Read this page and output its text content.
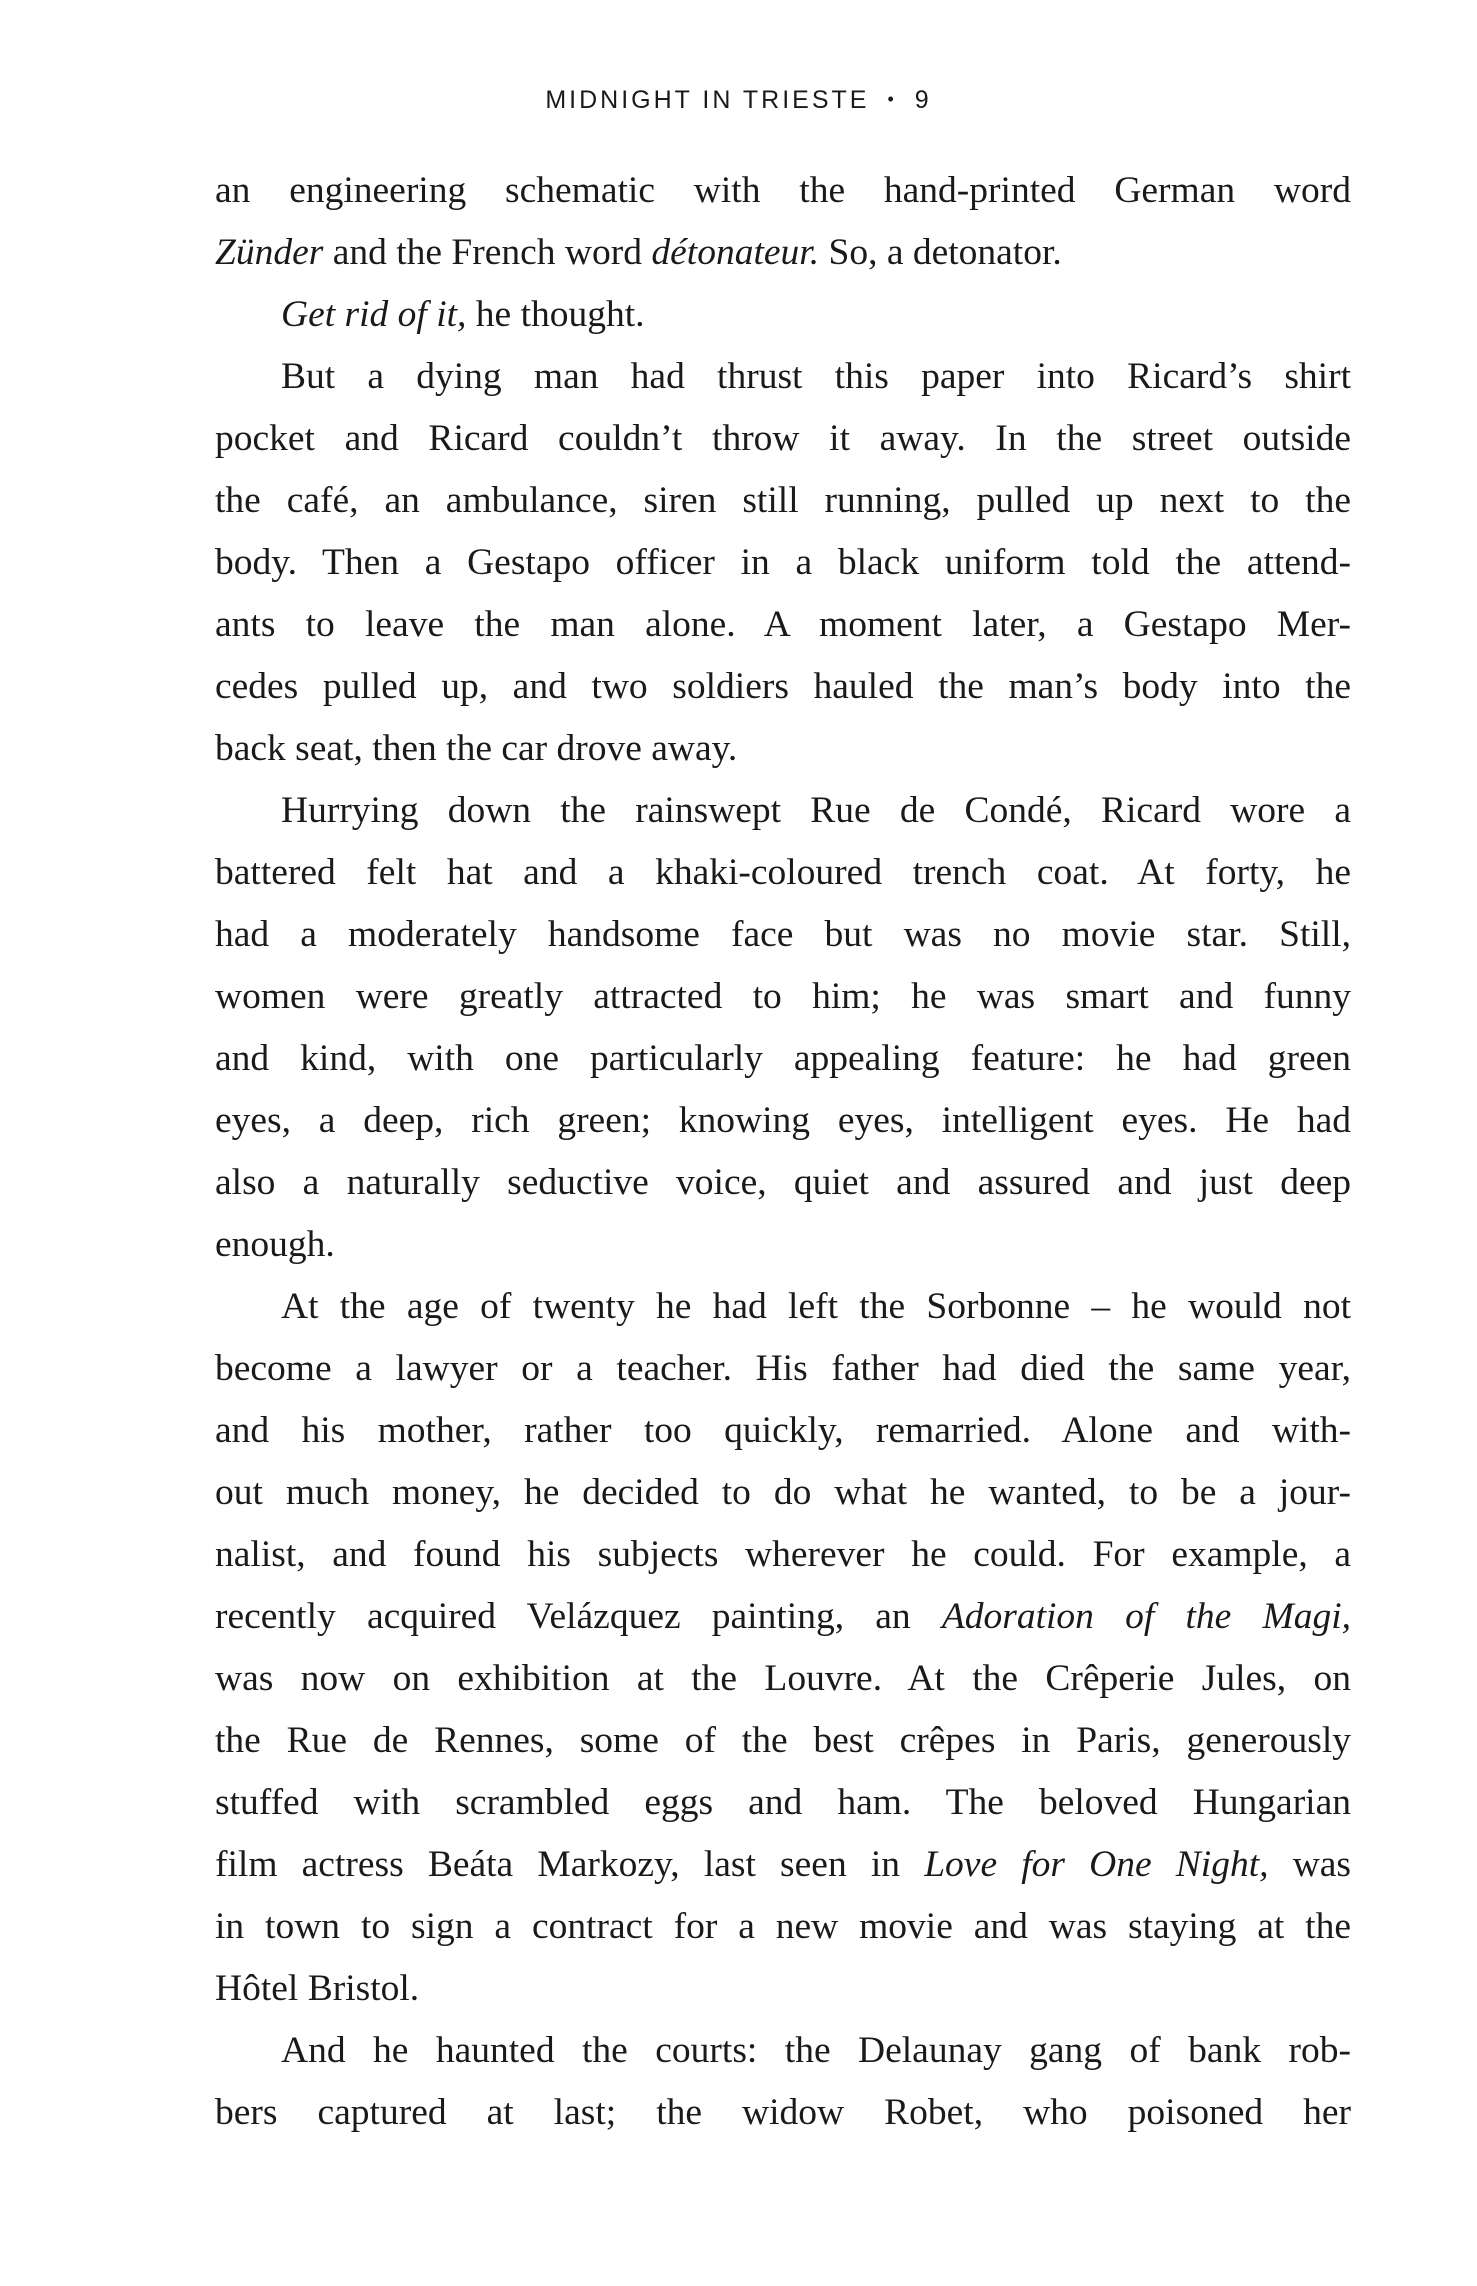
MIDNIGHT IN TRIESTE • 9
an engineering schematic with the hand-printed German word
Zünder and the French word détonateur. So, a detonator.
Get rid of it, he thought.
But a dying man had thrust this paper into Ricard’s shirt
pocket and Ricard couldn’t throw it away. In the street outside
the café, an ambulance, siren still running, pulled up next to the
body. Then a Gestapo officer in a black uniform told the attend-
ants to leave the man alone. A moment later, a Gestapo Mer-
cedes pulled up, and two soldiers hauled the man’s body into the
back seat, then the car drove away.
Hurrying down the rainswept Rue de Condé, Ricard wore a
battered felt hat and a khaki-coloured trench coat. At forty, he
had a moderately handsome face but was no movie star. Still,
women were greatly attracted to him; he was smart and funny
and kind, with one particularly appealing feature: he had green
eyes, a deep, rich green; knowing eyes, intelligent eyes. He had
also a naturally seductive voice, quiet and assured and just deep
enough.
At the age of twenty he had left the Sorbonne – he would not
become a lawyer or a teacher. His father had died the same year,
and his mother, rather too quickly, remarried. Alone and with-
out much money, he decided to do what he wanted, to be a jour-
nalist, and found his subjects wherever he could. For example, a
recently acquired Velázquez painting, an Adoration of the Magi,
was now on exhibition at the Louvre. At the Crêperie Jules, on
the Rue de Rennes, some of the best crêpes in Paris, generously
stuffed with scrambled eggs and ham. The beloved Hungarian
film actress Beáta Markozy, last seen in Love for One Night, was
in town to sign a contract for a new movie and was staying at the
Hôtel Bristol.
And he haunted the courts: the Delaunay gang of bank rob-
bers captured at last; the widow Robet, who poisoned her
